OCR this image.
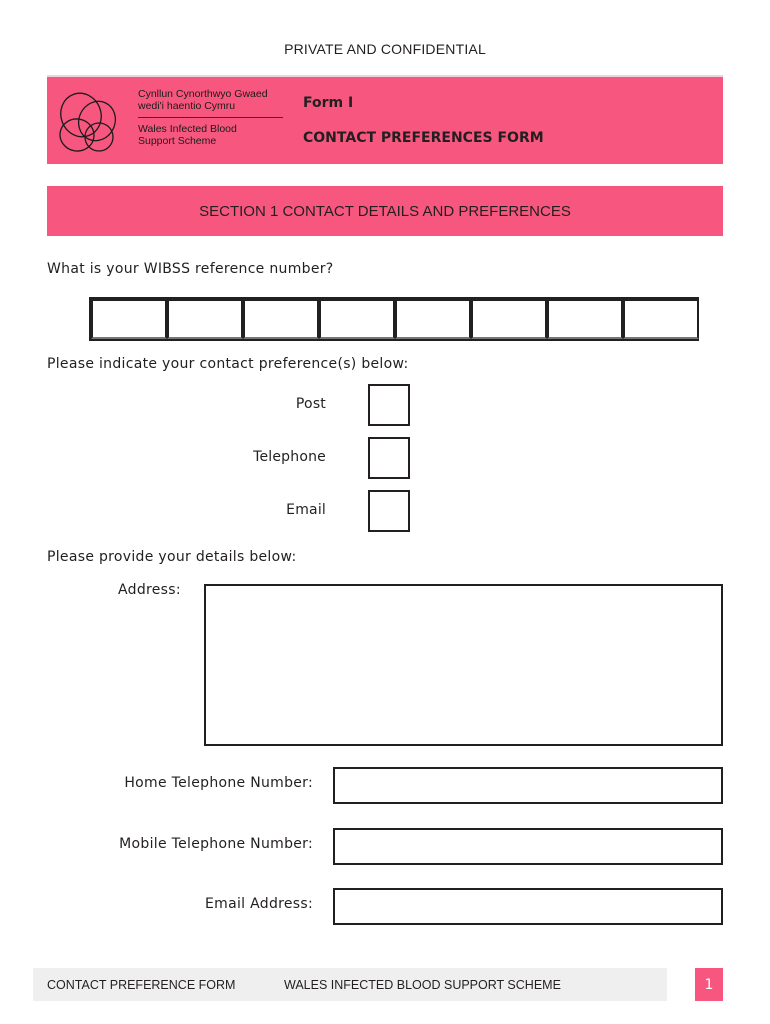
PRIVATE AND CONFIDENTIAL
Cynllun Cynorthwyo Gwaed
wedi'i haentio Cymru
Wales Infected Blood
Support Scheme
Form I
CONTACT PREFERENCES FORM
SECTION 1 CONTACT DETAILS AND PREFERENCES
What is your WIBSS reference number?
Please indicate your contact preference(s) below:
Post
Telephone
Email
Please provide your details below:
Address:
Home Telephone Number:
Mobile Telephone Number:
Email Address:
CONTACT PREFERENCE FORM	WALES INFECTED BLOOD SUPPORT SCHEME	1
